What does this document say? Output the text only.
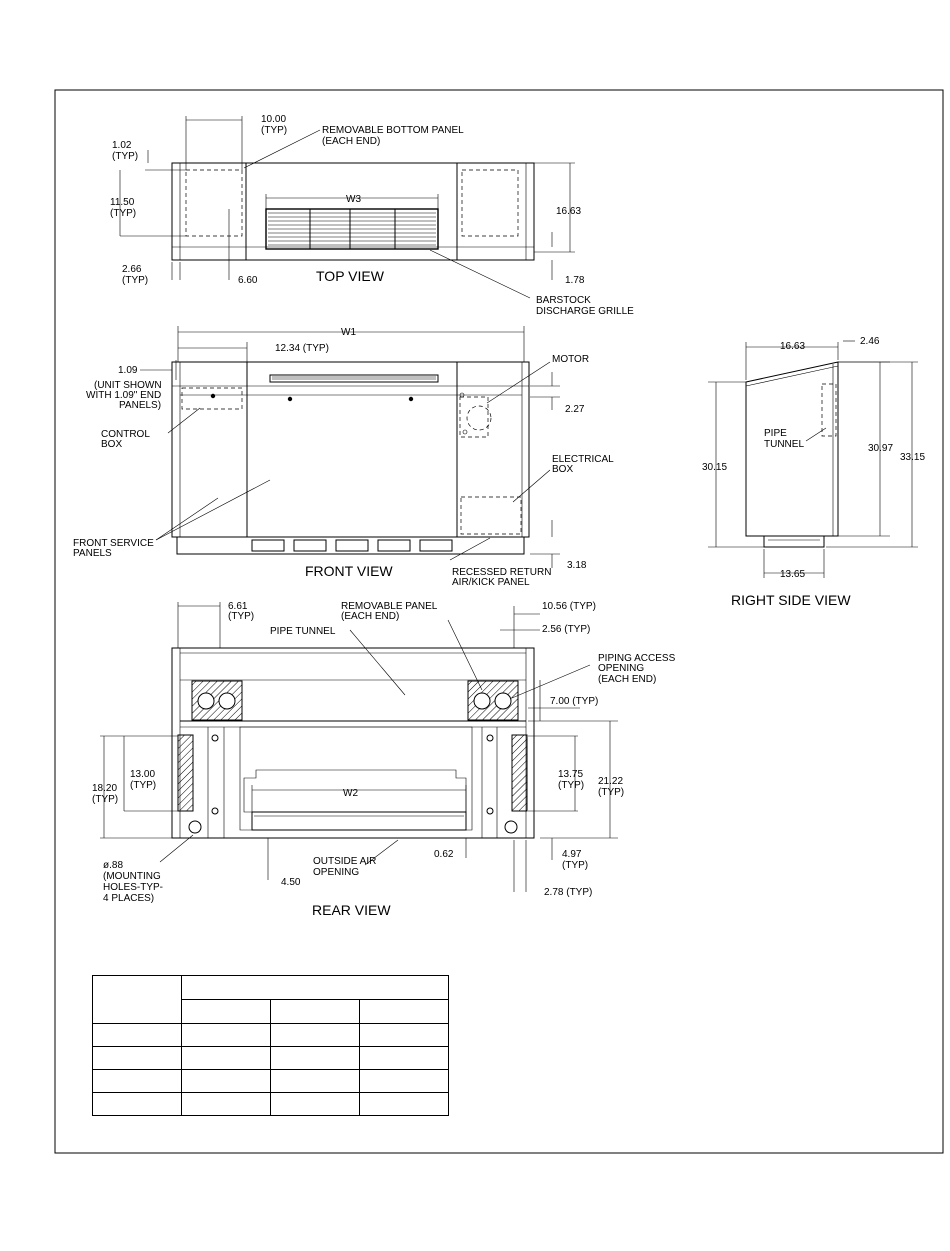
TOP VIEW
10.00
(TYP)	REMOVABLE BOTTOM PANEL
(EACH END)
1.02
(TYP)
11.50
(TYP)
W3
16.63
2.66
(TYP)	6.60	1.78
BARSTOCK
DISCHARGE GRILLE
FRONT VIEW
W1
12.34 (TYP)
1.09
(UNIT SHOWN
WITH 1.09" END
PANELS)
CONTROL
BOX
FRONT SERVICE
PANELS
MOTOR
2.27
ELECTRICAL
BOX
3.18
RECESSED RETURN
AIR/KICK PANEL
RIGHT SIDE VIEW
16.63	2.46
PIPE
TUNNEL	30.97
33.15
30.15
13.65
REAR VIEW
6.61
(TYP)
REMOVABLE PANEL
(EACH END)
PIPE TUNNEL
10.56 (TYP)
2.56 (TYP)
PIPING ACCESS
OPENING
(EACH END)
7.00 (TYP)
18.20
(TYP)
13.00
(TYP)
W2
13.75
(TYP) 21.22
(TYP)
ø.88
(MOUNTING
HOLES-TYP-
4 PLACES)
OUTSIDE AIR
OPENING
0.62	4.97
(TYP)
4.50
2.78 (TYP)
